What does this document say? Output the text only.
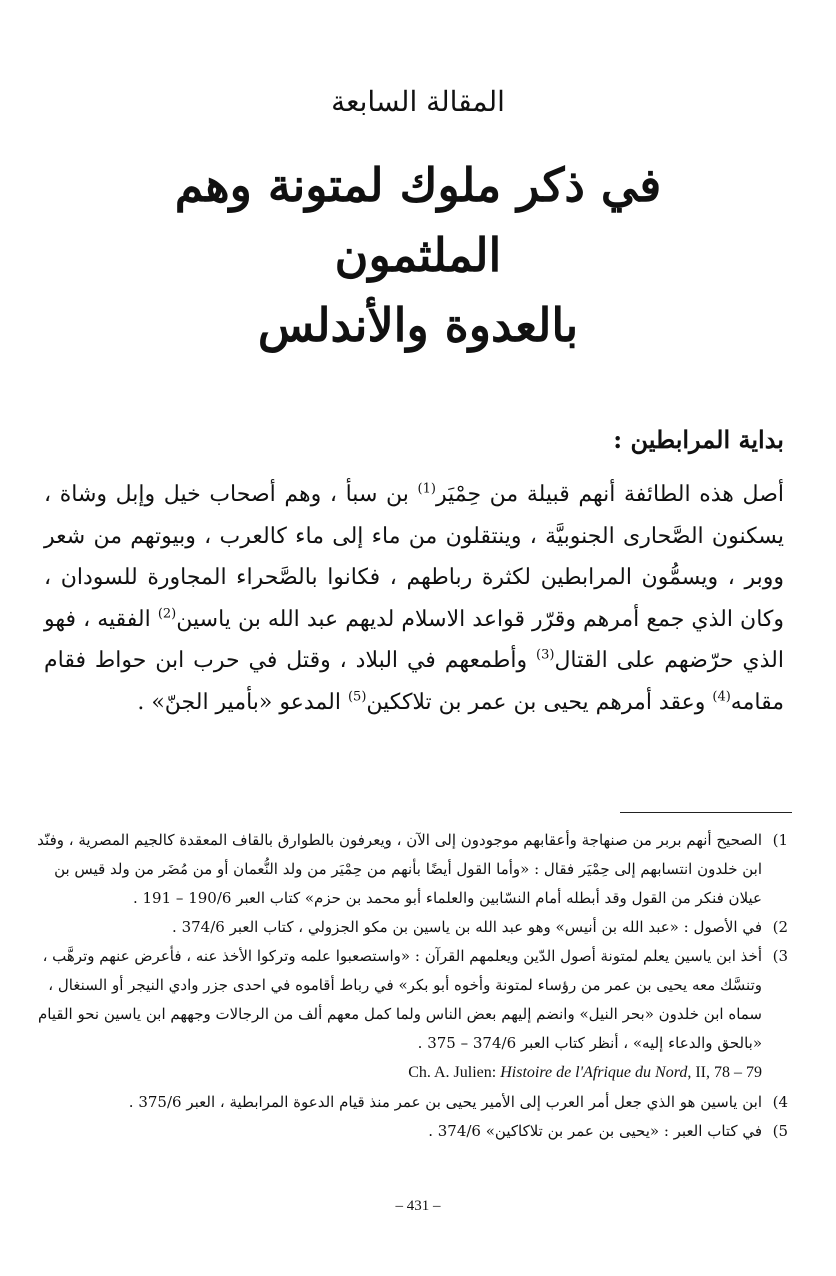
المقالة السابعة
في ذكر ملوك لمتونة وهم الملثمون
بالعدوة والأندلس
بداية المرابطين :

أصل هذه الطائفة أنهم قبيلة من حِمْيَر$^{(1)}$ بن سبأ ، وهم أصحاب خيل وإبل وشاة ، يسكنون الصَّحارى الجنوبيَّة ، وينتقلون من ماء إلى ماء كالعرب ، وبيوتهم من شعر ووبر ، ويسمُّون المرابطين لكثرة رباطهم ، فكانوا بالصَّحراء المجاورة للسودان ، وكان الذي جمع أمرهم وقرّر قواعد الاسلام لديهم عبد الله بن ياسين$^{(2)}$ الفقيه ، فهو الذي حرّضهم على القتال$^{(3)}$ وأطمعهم في البلاد ، وقتل في حرب ابن حواط فقام مقامه$^{(4)}$ وعقد أمرهم يحيى بن عمر بن تلاككين$^{(5)}$ المدعو «بأمير الجنّ» .

1)
الصحيح أنهم بربر من صنهاجة وأعقابهم موجودون إلى الآن ، ويعرفون بالطوارق بالقاف المعقدة كالجيم المصرية ، وفنّد ابن خلدون انتسابهم إلى حِمْيَر فقال : «وأما القول أيضًا بأنهم من حِمْيَر من ولد النُّعمان أو من مُضَر من ولد قيس بن عيلان فنكر من القول وقد أبطله أمام النسّابين والعلماء أبو محمد بن حزم» كتاب العبر 190/6 – 191 .

2)
في الأصول : «عبد الله بن أنيس» وهو عبد الله بن ياسين بن مكو الجزولي ، كتاب العبر 374/6 .

3)
أخذ ابن ياسين يعلم لمتونة أصول الدّين ويعلمهم القرآن : «واستصعبوا علمه وتركوا الأخذ عنه ، فأعرض عنهم وترهَّب ، وتنسَّك معه يحيى بن عمر من رؤساء لمتونة وأخوه أبو بكر» في رباط أقاموه في احدى جزر وادي النيجر أو السنغال ، سماه ابن خلدون «بحر النيل» وانضم إليهم بعض الناس ولما كمل معهم ألف من الرجالات وجههم ابن ياسين نحو القيام «بالحق والدعاء إليه» ، أنظر كتاب العبر 374/6 – 375 .

Ch. A. Julien: Histoire de l'Afrique du Nord, II, 78 – 79

4)
ابن ياسين هو الذي جعل أمر العرب إلى الأمير يحيى بن عمر منذ قيام الدعوة المرابطية ، العبر 375/6 .

5)
في كتاب العبر : «يحيى بن عمر بن تلاكاكين» 374/6 .

– 431 –
